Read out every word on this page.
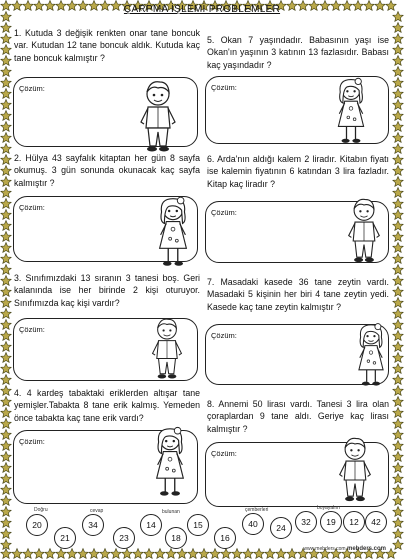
ÇARPMA İŞLEMİ PROBLEMLER
1. Kutuda 3 değişik renkten onar tane boncuk var. Kutudan 12 tane boncuk aldık. Kutuda kaç tane boncuk kalmıştır ?
Çözüm:
2. Hülya 43 sayfalık kitaptan her gün 8 sayfa okumuş. 3 gün sonunda okunacak kaç sayfa kalmıştır ?
Çözüm:
3. Sınıfımızdaki 13 sıranın 3 tanesi boş. Geri kalanında ise her birinde 2 kişi oturuyor. Sınıfımızda kaç kişi vardır?
Çözüm:
4. 4 kardeş tabaktaki eriklerden altışar tane yemişler.Tabakta 8 tane erik kalmış. Yemeden önce tabakta kaç tane erik vardı?
Çözüm:
5. Okan 7 yaşındadır. Babasının yaşı ise Okan'ın yaşının 3 katının 13 fazlasıdır. Babası kaç yaşındadır ?
Çözüm:
6. Arda'nın aldığı kalem 2 liradır. Kitabın fiyatı ise kalemin fiyatının 6 katından 3 lira fazladır. Kitap kaç liradır ?
Çözüm:
7. Masadaki kasede 36 tane zeytin vardı. Masadaki 5 kişinin her biri 4 tane zeytin yedi. Kasede kaç tane zeytin kalmıştır ?
Çözüm:
8. Annemi 50 lirası vardı. Tanesi 3 lira olan çoraplardan 9 tane aldı. Geriye kaç lirası kalmıştır ?
Çözüm:
Doğru	cevap	bulunan	çemberleri	boyayalım
20	34	14	15	40	24
32	19	12	42
21	23	18	16
www.mebders.com mebders.com
